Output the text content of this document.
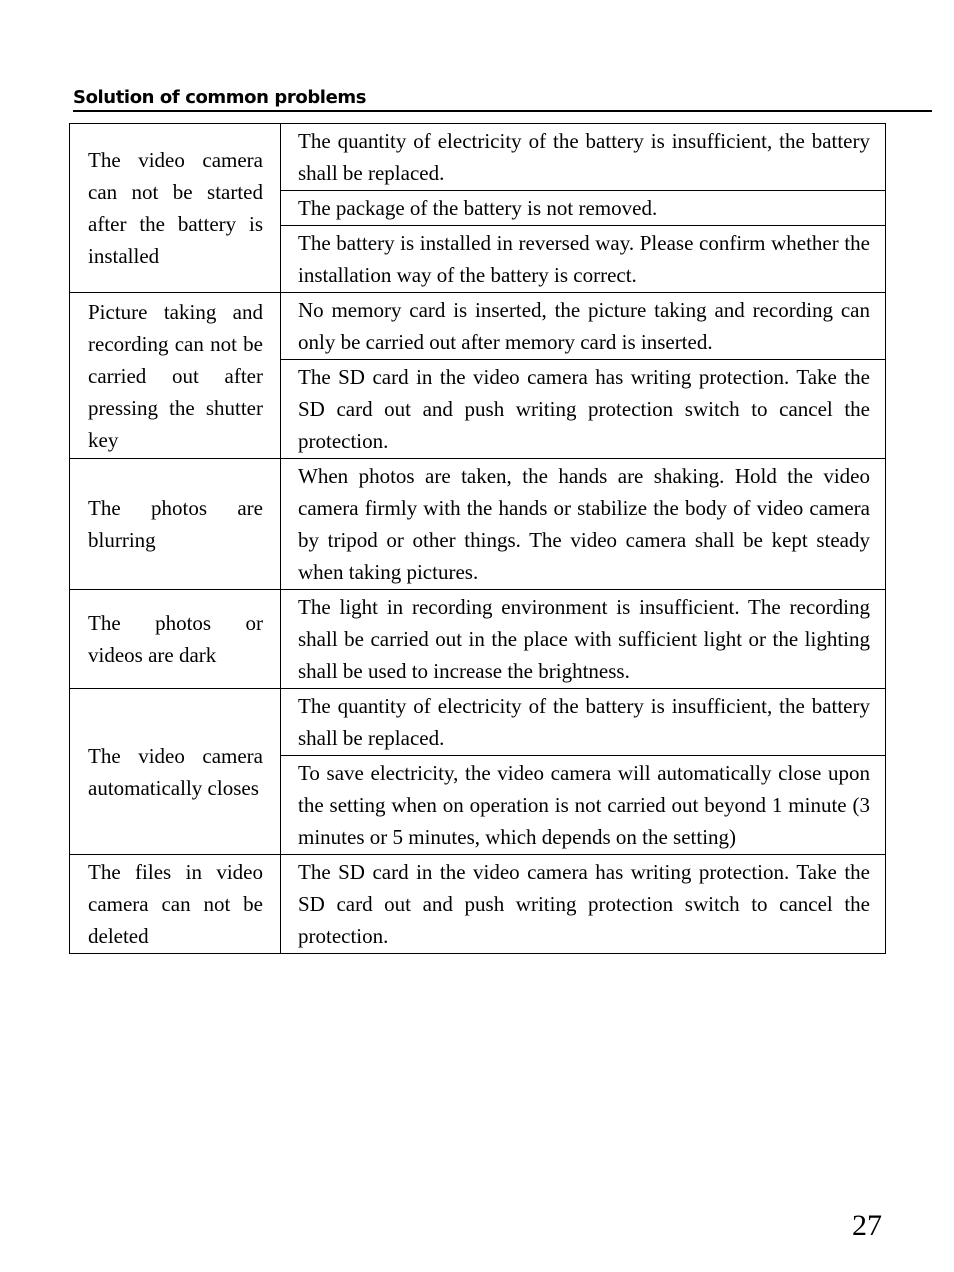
Solution of common problems
The video camera can not be started after the battery is installed	The quantity of electricity of the battery is insufficient, the battery shall be replaced.
	The package of the battery is not removed.
	The battery is installed in reversed way. Please confirm whether the installation way of the battery is correct.
Picture taking and recording can not be carried out after pressing the shutter key	No memory card is inserted, the picture taking and recording can only be carried out after memory card is inserted.
	The SD card in the video camera has writing protection. Take the SD card out and push writing protection switch to cancel the protection.
The photos are blurring	When photos are taken, the hands are shaking. Hold the video camera firmly with the hands or stabilize the body of video camera by tripod or other things. The video camera shall be kept steady when taking pictures.
The photos or videos are dark	The light in recording environment is insufficient. The recording shall be carried out in the place with sufficient light or the lighting shall be used to increase the brightness.
The video camera automatically closes	The quantity of electricity of the battery is insufficient, the battery shall be replaced.
	To save electricity, the video camera will automatically close upon the setting when on operation is not carried out beyond 1 minute (3 minutes or 5 minutes, which depends on the setting)
The files in video camera can not be deleted	The SD card in the video camera has writing protection. Take the SD card out and push writing protection switch to cancel the protection.
27
